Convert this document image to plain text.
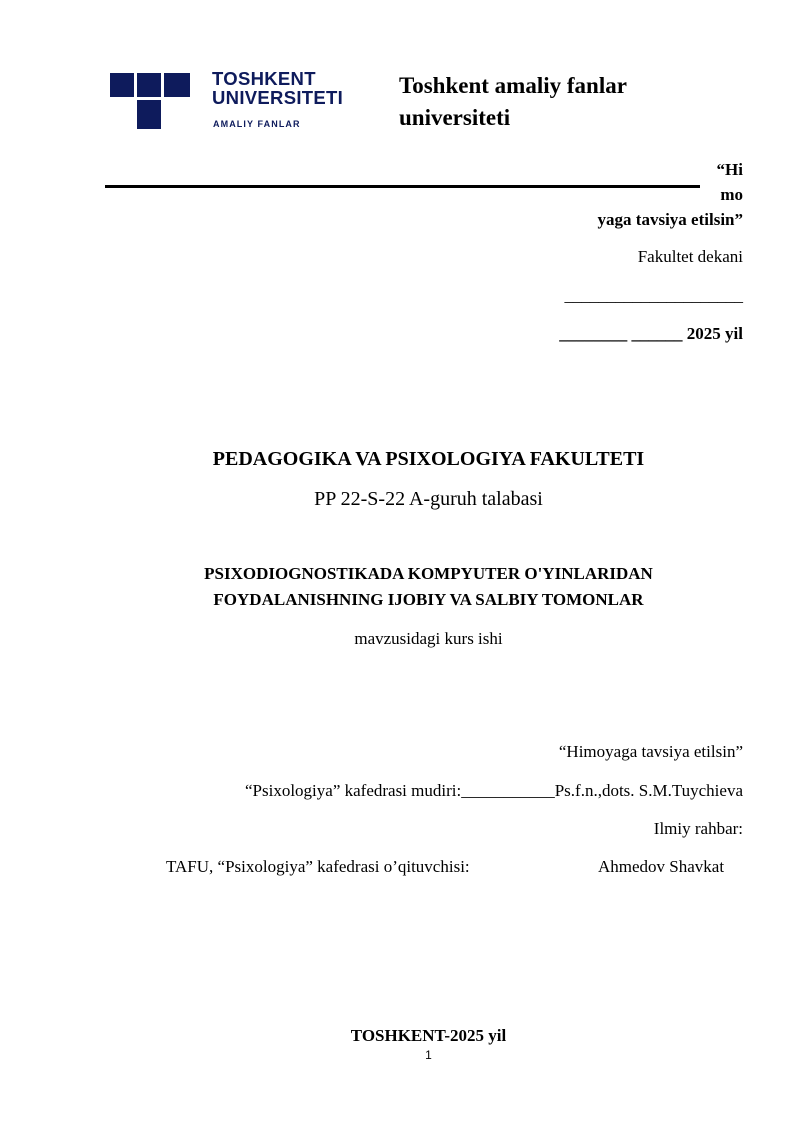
TOSHKENT
UNIVERSITETI
AMALIY FANLAR
Toshkent amaliy fanlar universiteti
“Hi
mo
yaga tavsiya etilsin”
Fakultet dekani
_____________________
________ ______ 2025 yil
PEDAGOGIKA VA PSIXOLOGIYA FAKULTETI
PP 22-S-22 A-guruh talabasi
PSIXODIOGNOSTIKADA KOMPYUTER O'YINLARIDAN
FOYDALANISHNING IJOBIY VA SALBIY TOMONLAR
mavzusidagi kurs ishi
“Himoyaga tavsiya etilsin”
“Psixologiya” kafedrasi mudiri:___________Ps.f.n.,dots. S.M.Tuychieva
Ilmiy rahbar:
TAFU, “Psixologiya” kafedrasi o’qituvchisi:	Ahmedov Shavkat
TOSHKENT-2025 yil
1
